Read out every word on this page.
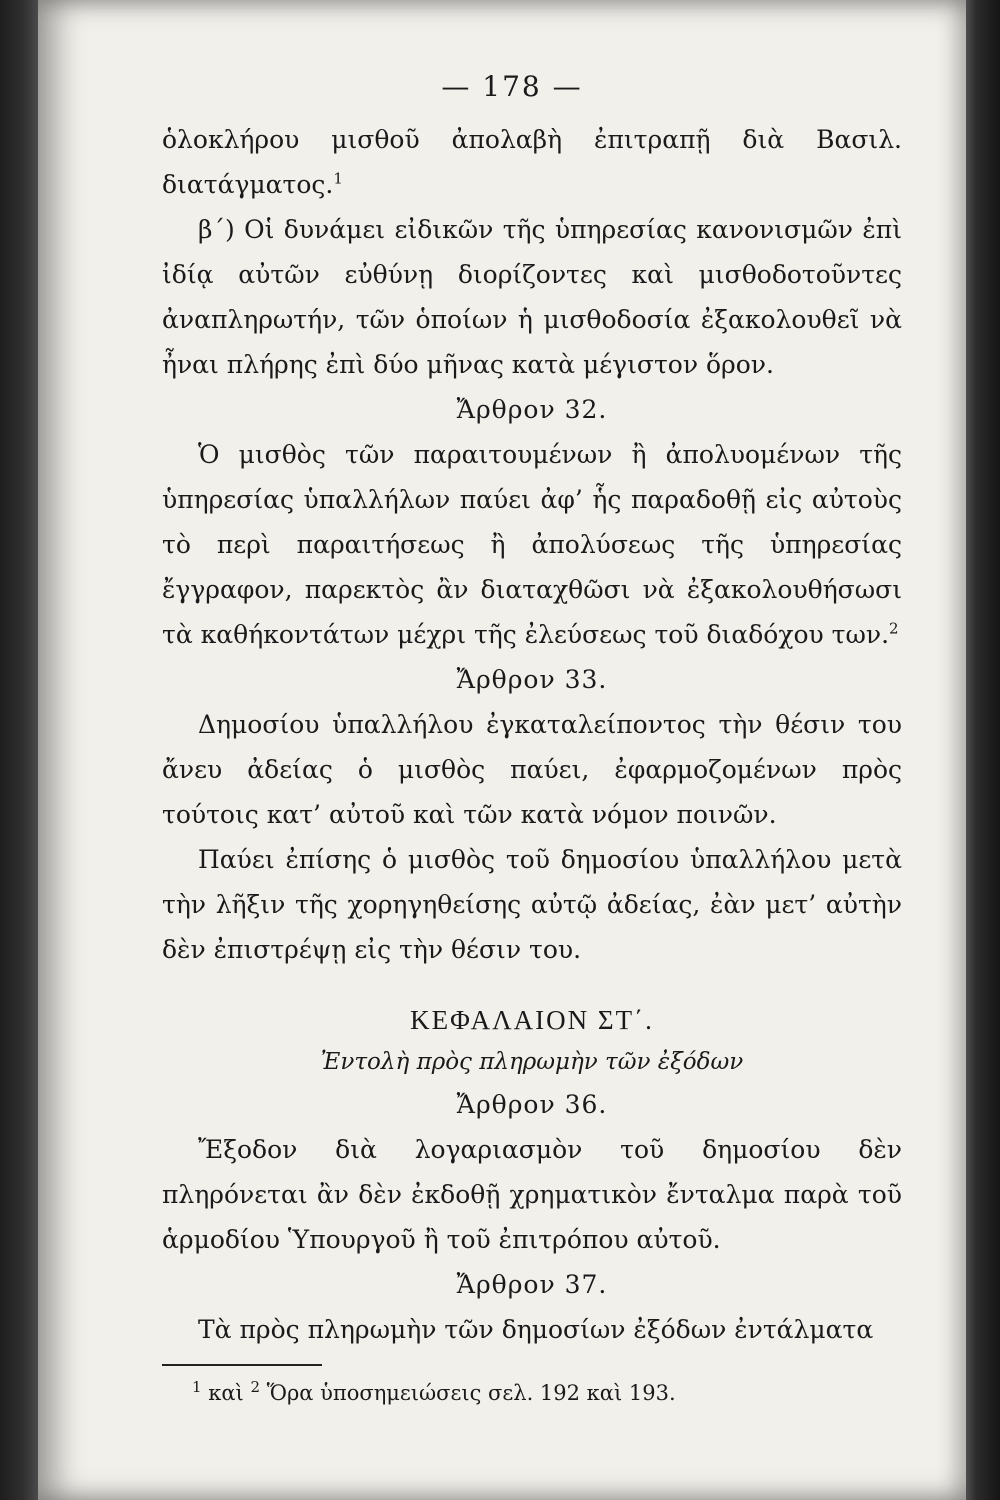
— 178 —

ὁλοκλήρου μισθοῦ ἀπολαβὴ ἐπιτραπῇ διὰ Βασιλ. διατάγματος.$^1$

β΄) Οἱ δυνάμει εἰδικῶν τῆς ὑπηρεσίας κανονισμῶν ἐπὶ ἰδίᾳ αὐτῶν εὐθύνῃ διορίζοντες καὶ μισθοδοτοῦντες ἀναπληρωτήν, τῶν ὁποίων ἡ μισθοδοσία ἐξακολουθεῖ νὰ ἦναι πλήρης ἐπὶ δύο μῆνας κατὰ μέγιστον ὅρον.

Ἄρθρον 32.

Ὁ μισθὸς τῶν παραιτουμένων ἢ ἀπολυομένων τῆς ὑπηρεσίας ὑπαλλήλων παύει ἀφ’ ἧς παραδοθῇ εἰς αὐτοὺς τὸ περὶ παραιτήσεως ἢ ἀπολύσεως τῆς ὑπηρεσίας ἔγγραφον, παρεκτὸς ἂν διαταχθῶσι νὰ ἐξακολουθήσωσι τὰ καθήκοντάτων μέχρι τῆς ἐλεύσεως τοῦ διαδόχου των.$^2$

Ἄρθρον 33.

Δημοσίου ὑπαλλήλου ἐγκαταλείποντος τὴν θέσιν του ἄνευ ἀδείας ὁ μισθὸς παύει, ἐφαρμοζομένων πρὸς τούτοις κατ’ αὐτοῦ καὶ τῶν κατὰ νόμον ποινῶν.

Παύει ἐπίσης ὁ μισθὸς τοῦ δημοσίου ὑπαλλήλου μετὰ τὴν λῆξιν τῆς χορηγηθείσης αὐτῷ ἀδείας, ἐὰν μετ’ αὐτὴν δὲν ἐπιστρέψῃ εἰς τὴν θέσιν του.

ΚΕΦΑΛΑΙΟΝ ΣΤ΄.
Ἐντολὴ πρὸς πληρωμὴν τῶν ἐξόδων
Ἄρθρον 36.

Ἔξοδον διὰ λογαριασμὸν τοῦ δημοσίου δὲν πληρόνεται ἂν δὲν ἐκδοθῇ χρηματικὸν ἔνταλμα παρὰ τοῦ ἁρμοδίου Ὑπουργοῦ ἢ τοῦ ἐπιτρόπου αὐτοῦ.

Ἄρθρον 37.

Τὰ πρὸς πληρωμὴν τῶν δημοσίων ἐξόδων ἐντάλματα

$^1$ καὶ $^2$ Ὅρα ὑποσημειώσεις σελ. 192 καὶ 193.
